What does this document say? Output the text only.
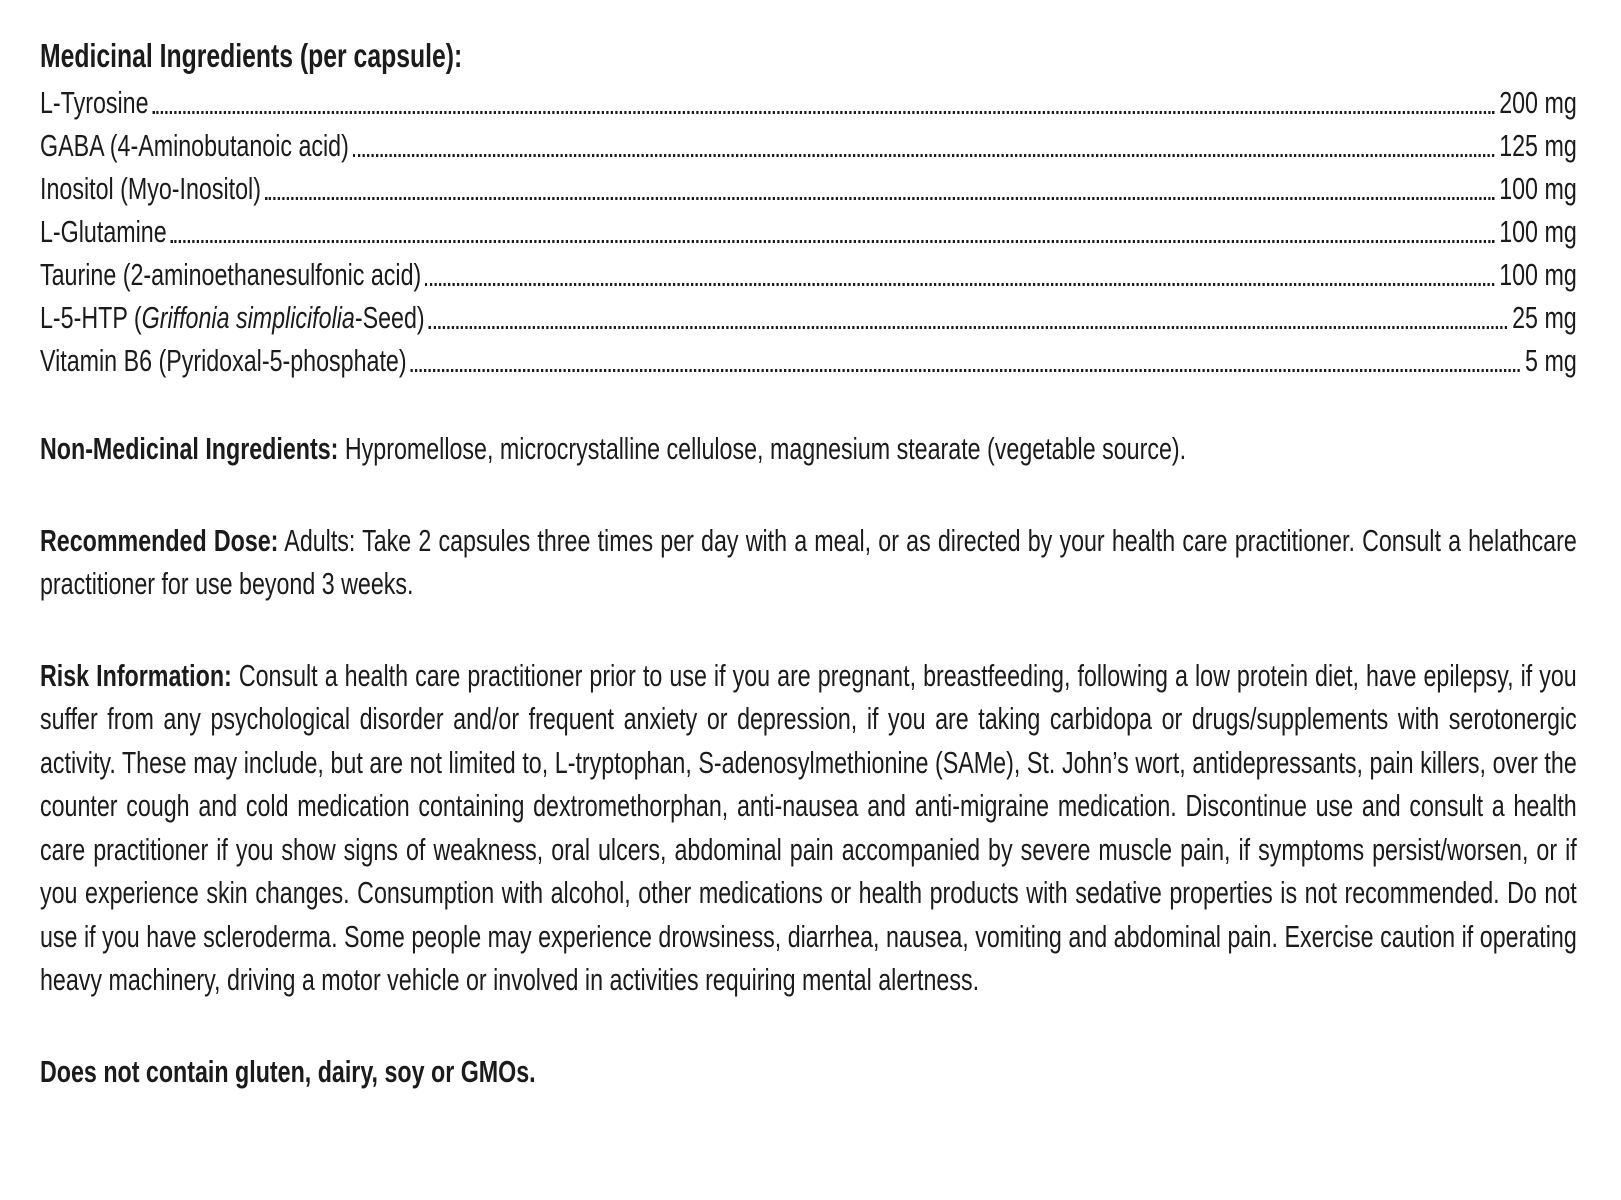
Medicinal Ingredients (per capsule):
L-Tyrosine	200 mg
GABA (4-Aminobutanoic acid)	125 mg
Inositol (Myo-Inositol)	100 mg
L-Glutamine	100 mg
Taurine (2-aminoethanesulfonic acid)	100 mg
L-5-HTP (Griffonia simplicifolia-Seed)	25 mg
Vitamin B6 (Pyridoxal-5-phosphate)	5 mg

Non-Medicinal Ingredients: Hypromellose, microcrystalline cellulose, magnesium stearate (vegetable source).

Recommended Dose: Adults: Take 2 capsules three times per day with a meal, or as directed by your health care practitioner. Consult a helathcare practitioner for use beyond 3 weeks.

Risk Information: Consult a health care practitioner prior to use if you are pregnant, breastfeeding, following a low protein diet, have epilepsy, if you suffer from any psychological disorder and/or frequent anxiety or depression, if you are taking carbidopa or drugs/supplements with serotonergic activity. These may include, but are not limited to, L-tryptophan, S-adenosylmethionine (SAMe), St. John’s wort, antidepressants, pain killers, over the counter cough and cold medication containing dextromethorphan, anti-nausea and anti-migraine medication. Discontinue use and consult a health care practitioner if you show signs of weakness, oral ulcers, abdominal pain accompanied by severe muscle pain, if symptoms persist/worsen, or if you experience skin changes. Consumption with alcohol, other medications or health products with sedative properties is not recommended. Do not use if you have scleroderma. Some people may experience drowsiness, diarrhea, nausea, vomiting and abdominal pain. Exercise caution if operating heavy machinery, driving a motor vehicle or involved in activities requiring mental alertness.

Does not contain gluten, dairy, soy or GMOs.
